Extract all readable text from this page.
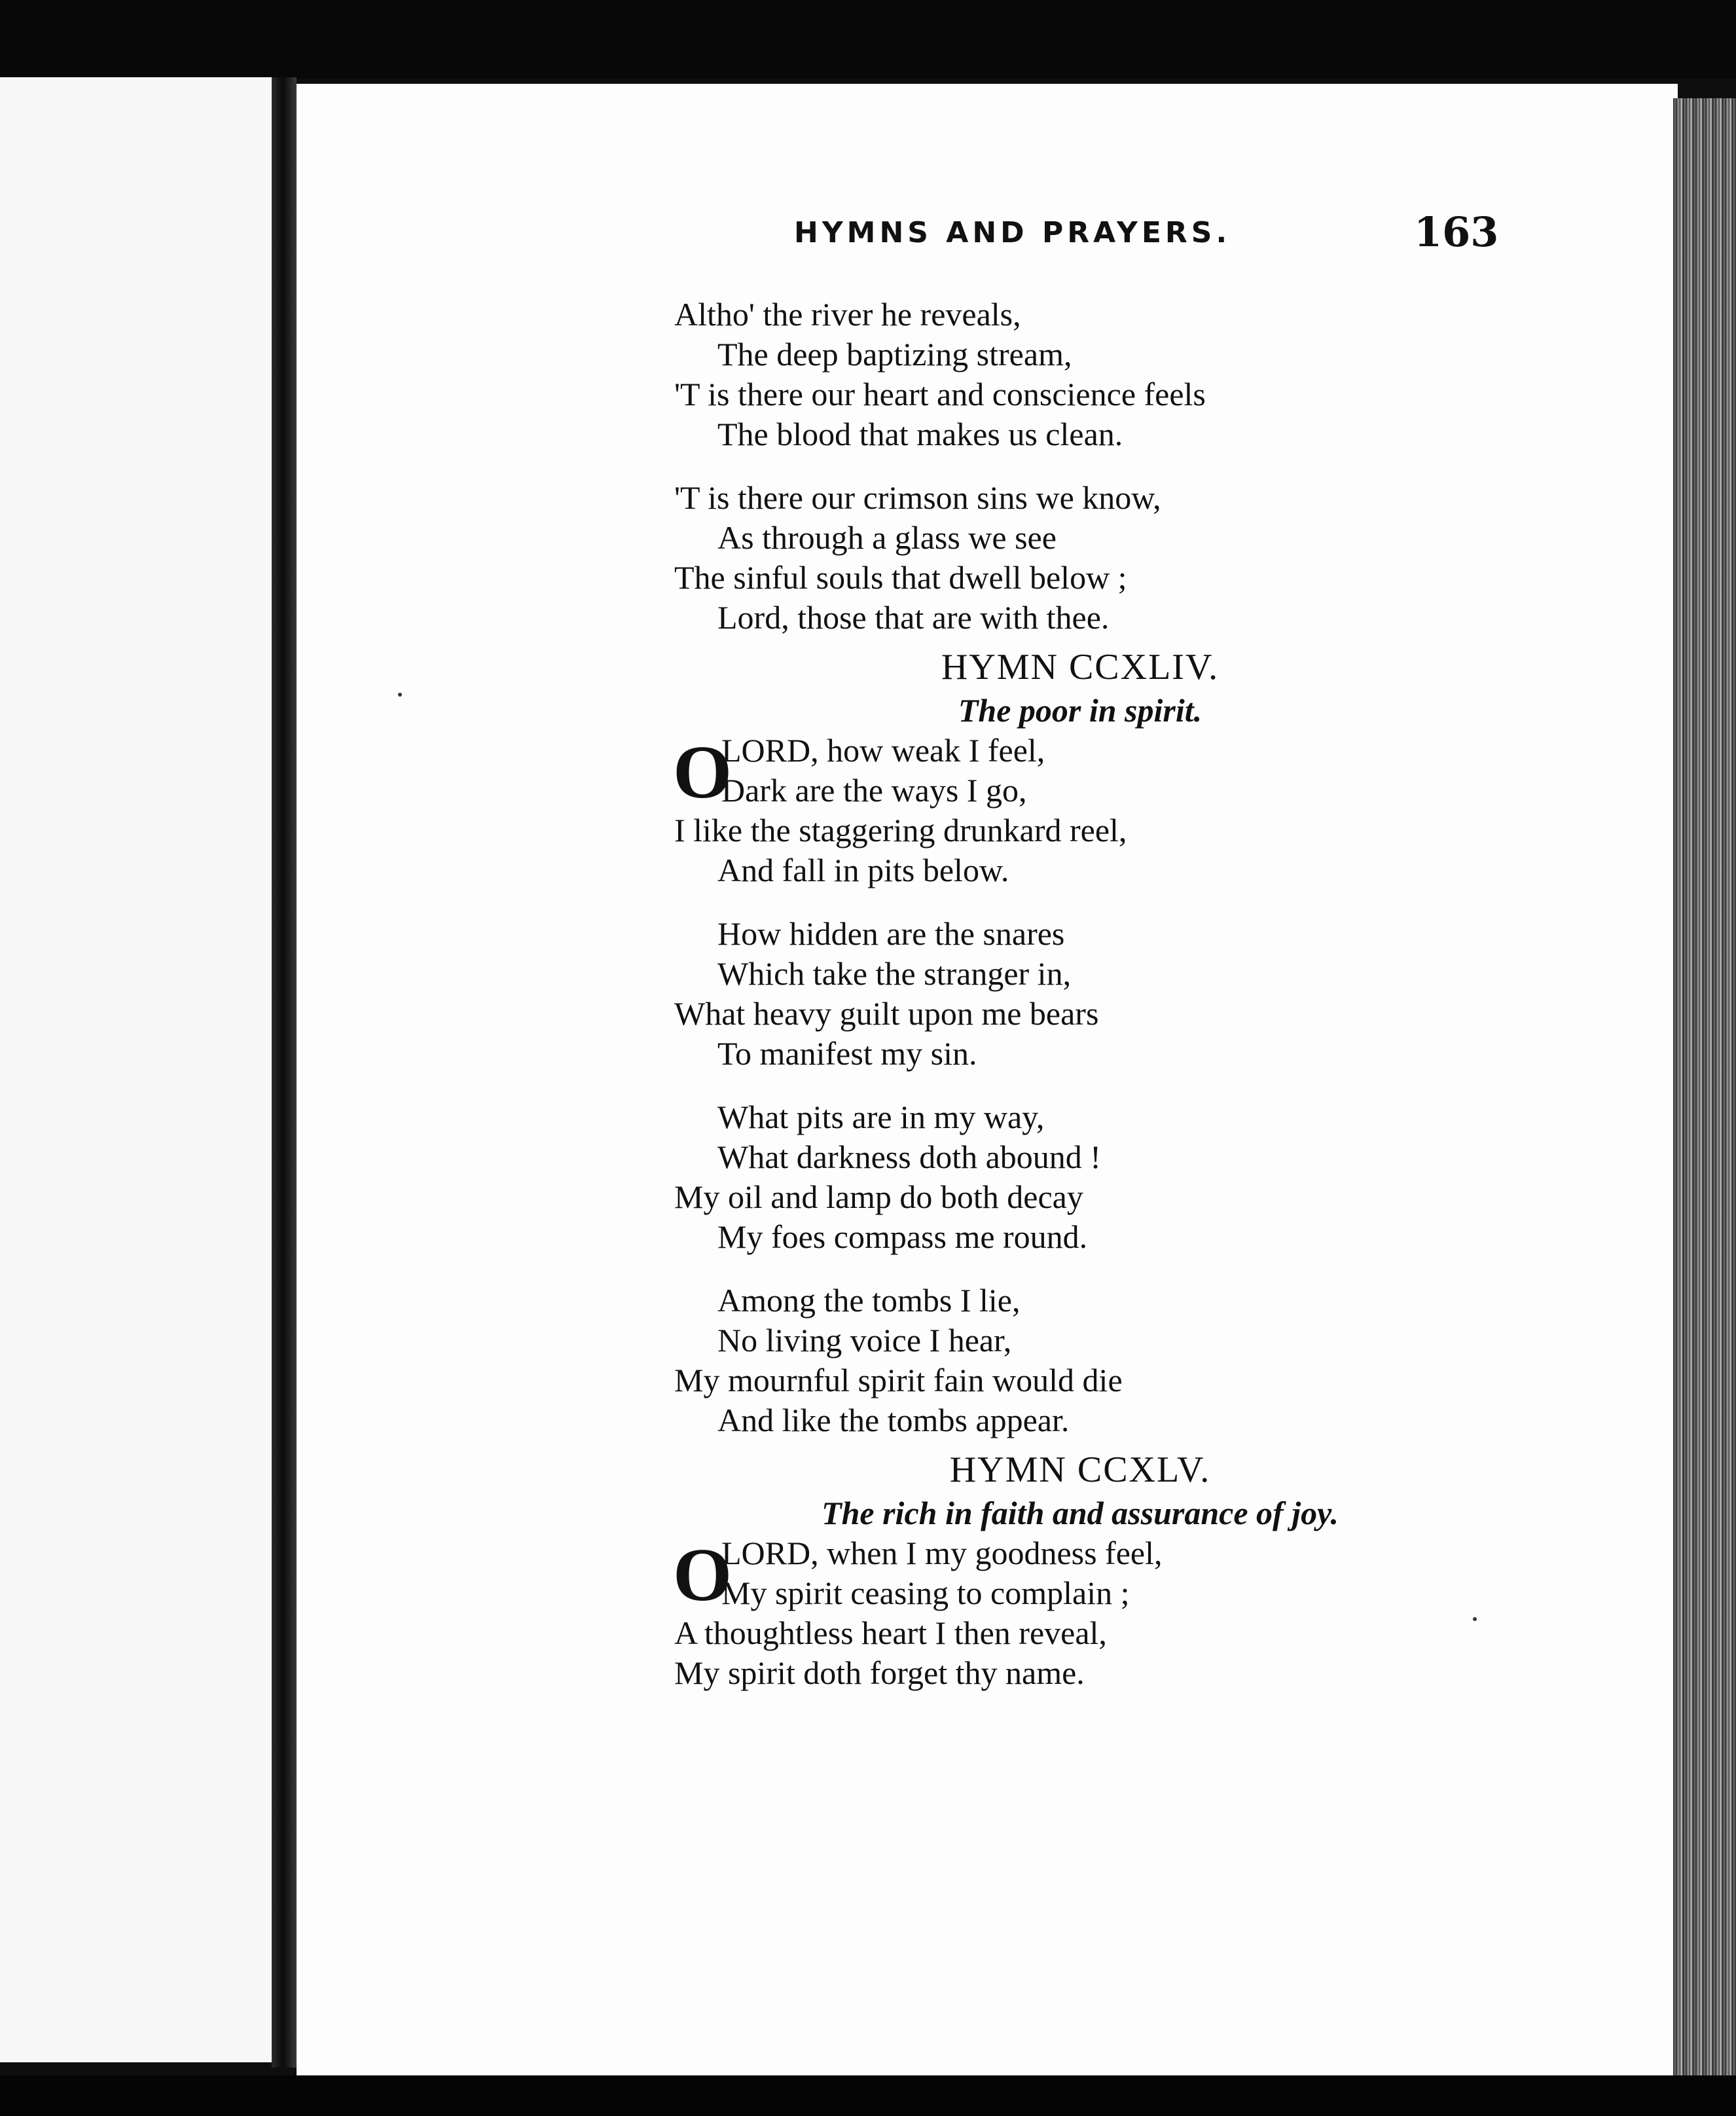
HYMNS AND PRAYERS.	163
Altho' the river he reveals,
The deep baptizing stream,
'T is there our heart and conscience feels
The blood that makes us clean.
'T is there our crimson sins we know,
As through a glass we see
The sinful souls that dwell below ;
Lord, those that are with thee.
HYMN CCXLIV.
The poor in spirit.
O
LORD, how weak I feel,
Dark are the ways I go,
I like the staggering drunkard reel,
And fall in pits below.
How hidden are the snares
Which take the stranger in,
What heavy guilt upon me bears
To manifest my sin.
What pits are in my way,
What darkness doth abound !
My oil and lamp do both decay
My foes compass me round.
Among the tombs I lie,
No living voice I hear,
My mournful spirit fain would die
And like the tombs appear.
HYMN CCXLV.
The rich in faith and assurance of joy.
O
LORD, when I my goodness feel,
My spirit ceasing to complain ;
A thoughtless heart I then reveal,
My spirit doth forget thy name.
